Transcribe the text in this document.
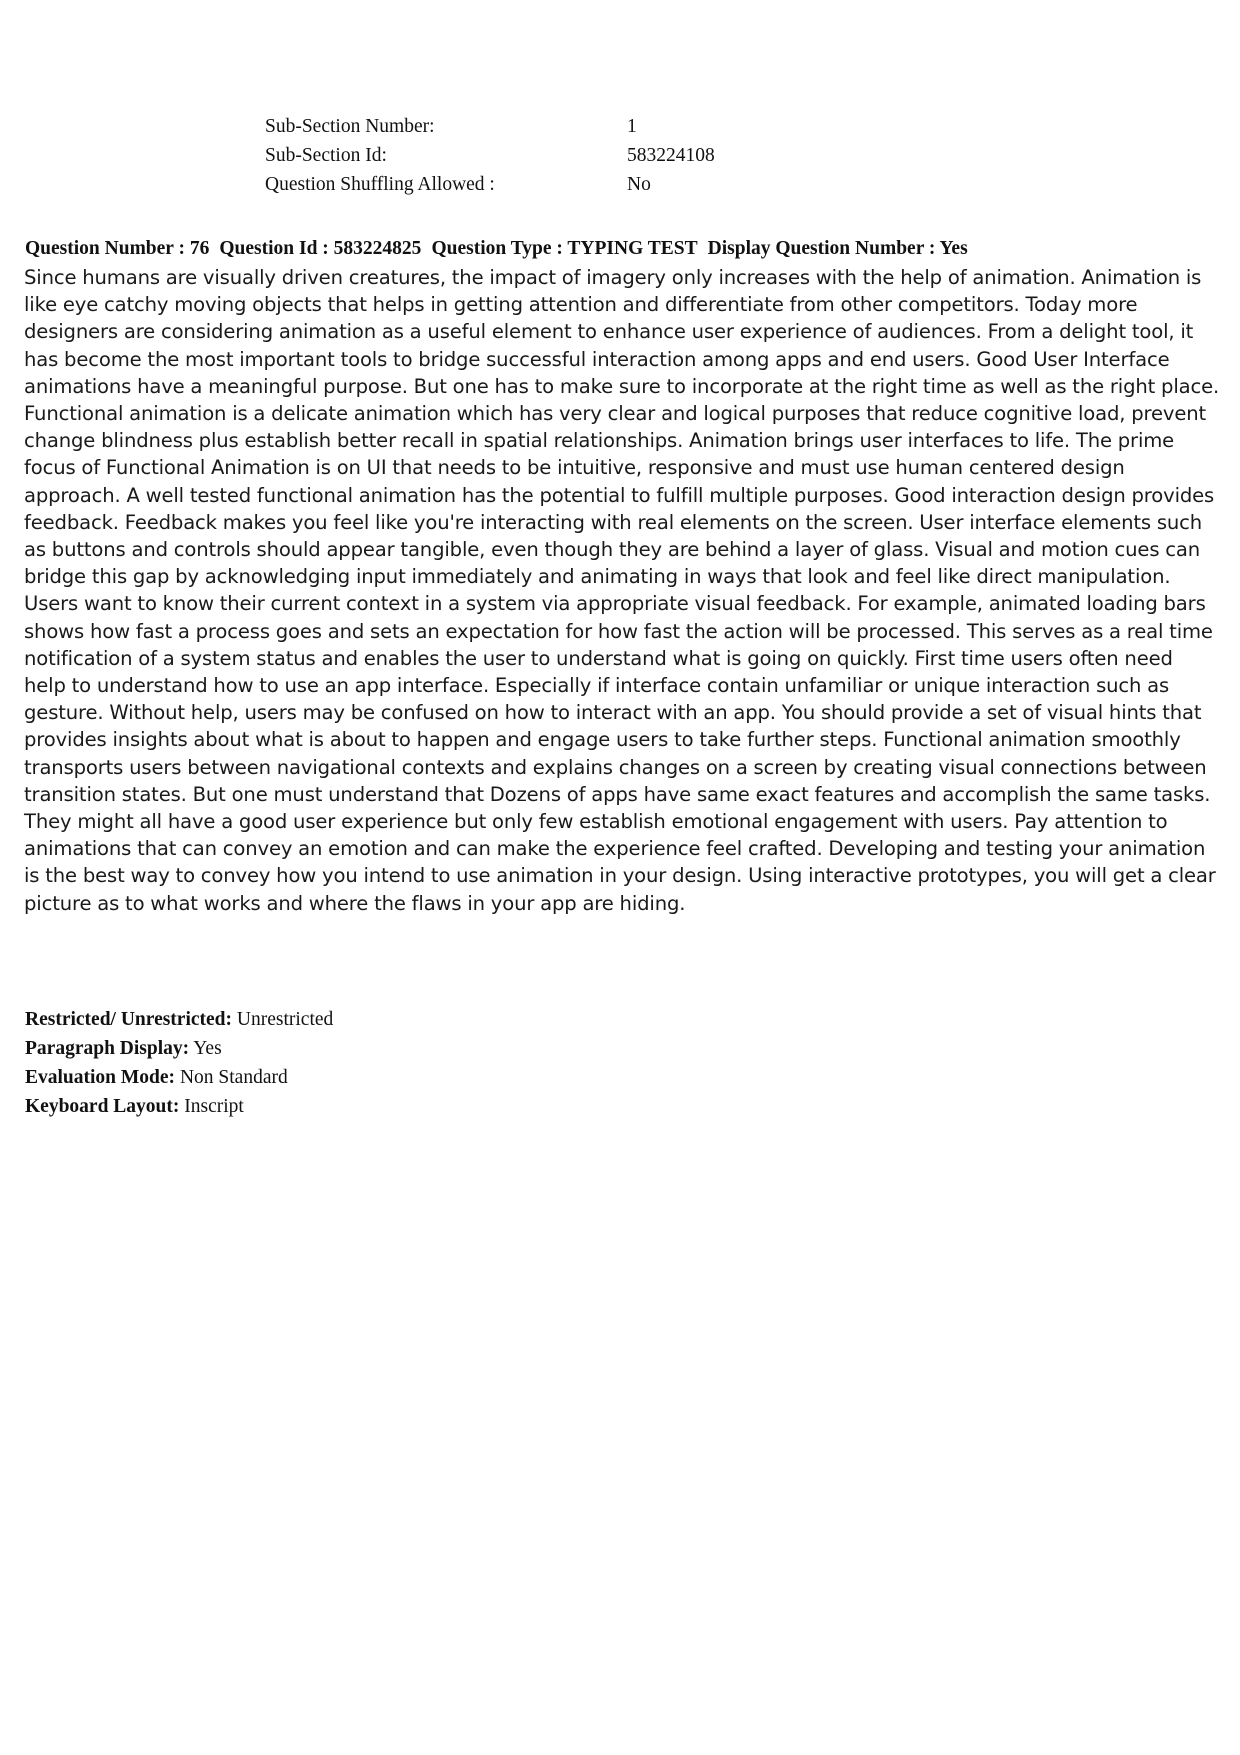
Sub-Section Number:	1
Sub-Section Id:	583224108
Question Shuffling Allowed :	No
Question Number : 76 Question Id : 583224825 Question Type : TYPING TEST Display Question Number : Yes

Since humans are visually driven creatures, the impact of imagery only increases with the help of animation. Animation is like eye catchy moving objects that helps in getting attention and differentiate from other competitors. Today more designers are considering animation as a useful element to enhance user experience of audiences. From a delight tool, it has become the most important tools to bridge successful interaction among apps and end users. Good User Interface animations have a meaningful purpose. But one has to make sure to incorporate at the right time as well as the right place. Functional animation is a delicate animation which has very clear and logical purposes that reduce cognitive load, prevent change blindness plus establish better recall in spatial relationships. Animation brings user interfaces to life. The prime focus of Functional Animation is on UI that needs to be intuitive, responsive and must use human centered design approach. A well tested functional animation has the potential to fulfill multiple purposes. Good interaction design provides feedback. Feedback makes you feel like you're interacting with real elements on the screen. User interface elements such as buttons and controls should appear tangible, even though they are behind a layer of glass. Visual and motion cues can bridge this gap by acknowledging input immediately and animating in ways that look and feel like direct manipulation. Users want to know their current context in a system via appropriate visual feedback. For example, animated loading bars shows how fast a process goes and sets an expectation for how fast the action will be processed. This serves as a real time notification of a system status and enables the user to understand what is going on quickly. First time users often need help to understand how to use an app interface. Especially if interface contain unfamiliar or unique interaction such as gesture. Without help, users may be confused on how to interact with an app. You should provide a set of visual hints that provides insights about what is about to happen and engage users to take further steps. Functional animation smoothly transports users between navigational contexts and explains changes on a screen by creating visual connections between transition states. But one must understand that Dozens of apps have same exact features and accomplish the same tasks. They might all have a good user experience but only few establish emotional engagement with users. Pay attention to animations that can convey an emotion and can make the experience feel crafted. Developing and testing your animation is the best way to convey how you intend to use animation in your design. Using interactive prototypes, you will get a clear picture as to what works and where the flaws in your app are hiding.

Restricted/ Unrestricted: Unrestricted
Paragraph Display: Yes
Evaluation Mode: Non Standard
Keyboard Layout: Inscript
